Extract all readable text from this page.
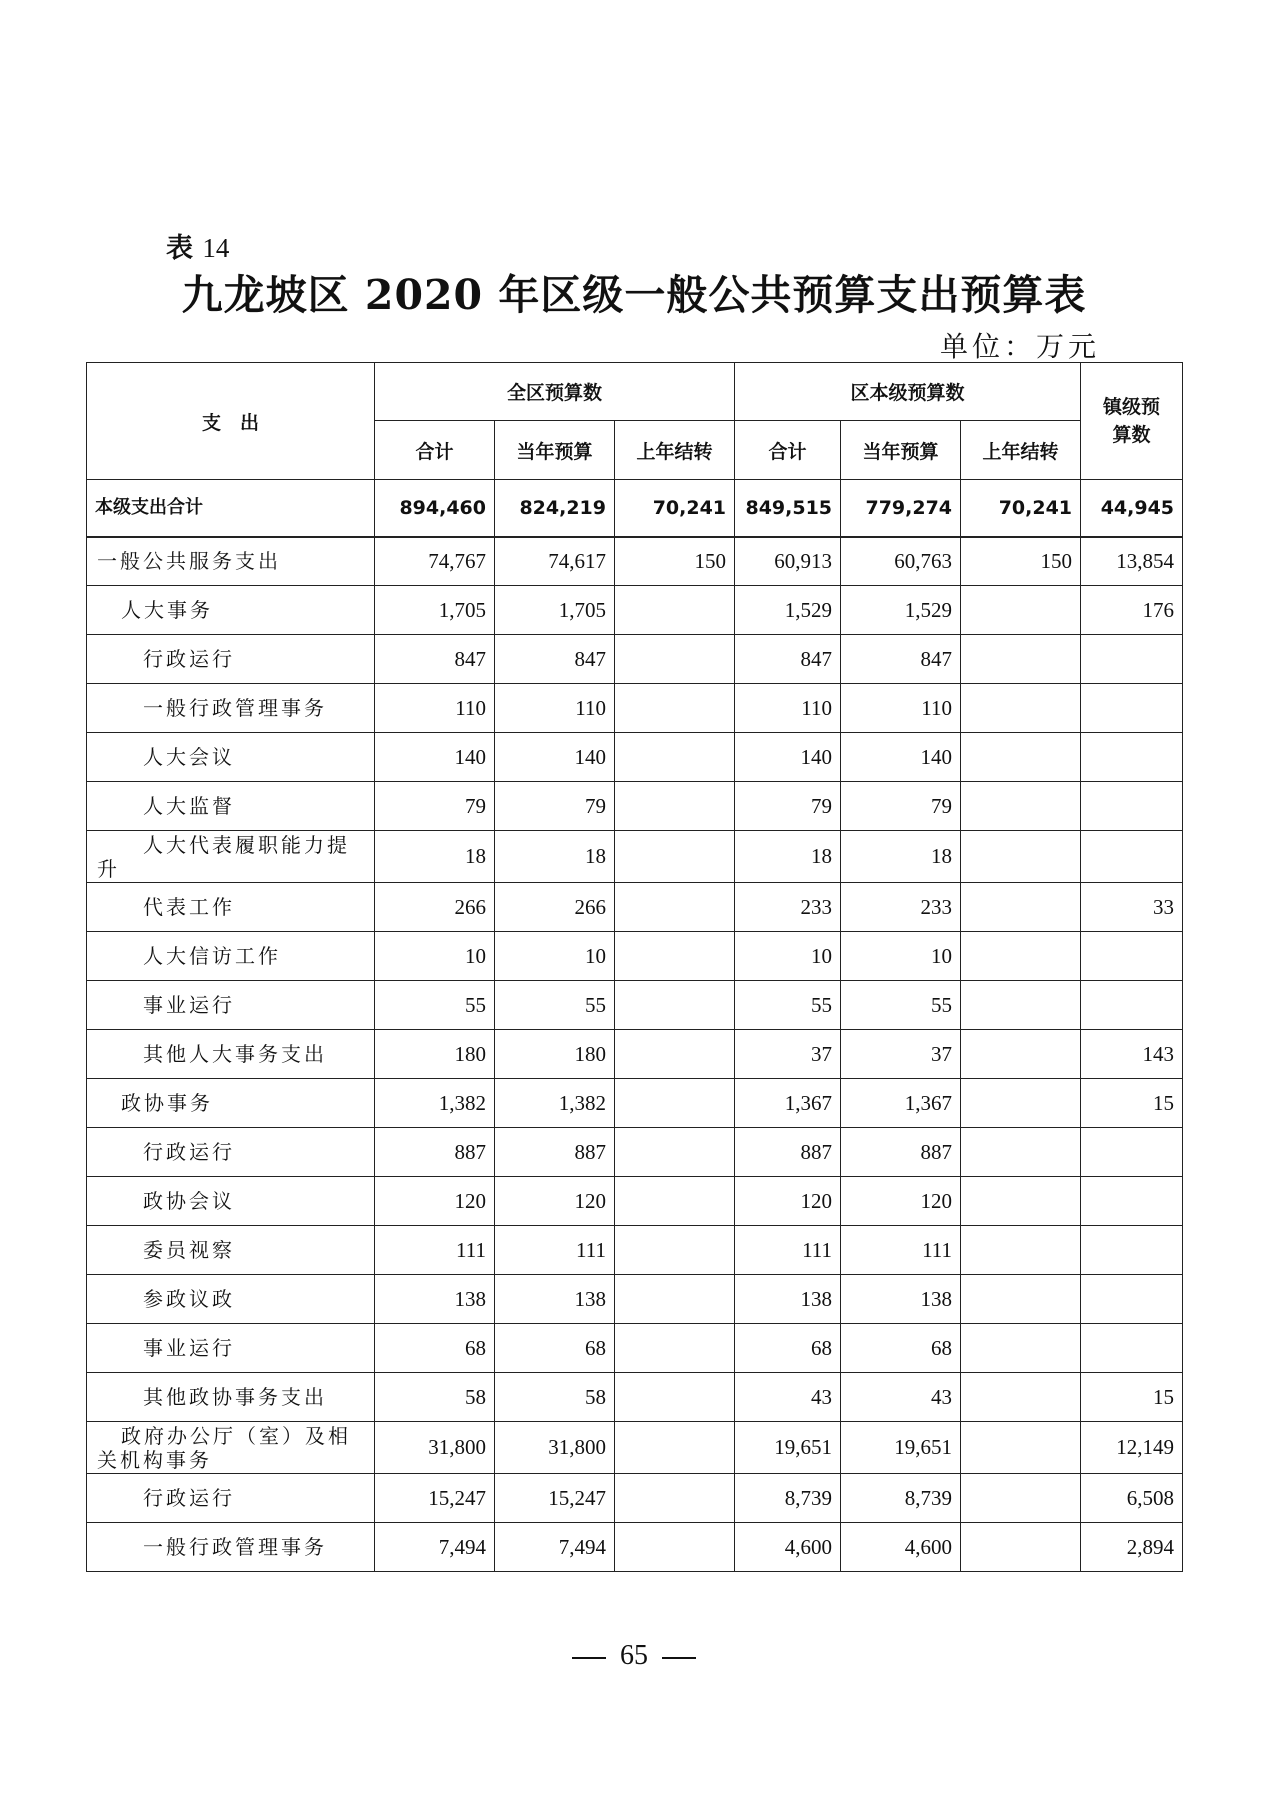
表 14
九龙坡区 2020 年区级一般公共预算支出预算表
单位：万元
支　出	全区预算数			区本级预算数			镇级预算数
	合计	当年预算	上年结转	合计	当年预算	上年结转	
本级支出合计	894,460	824,219	70,241	849,515	779,274	70,241	44,945
一般公共服务支出	74,767	74,617	150	60,913	60,763	150	13,854
人大事务	1,705	1,705		1,529	1,529		176
行政运行	847	847		847	847		
一般行政管理事务	110	110		110	110		
人大会议	140	140		140	140		
人大监督	79	79		79	79		
人大代表履职能力提升	18	18		18	18		
代表工作	266	266		233	233		33
人大信访工作	10	10		10	10		
事业运行	55	55		55	55		
其他人大事务支出	180	180		37	37		143
政协事务	1,382	1,382		1,367	1,367		15
行政运行	887	887		887	887		
政协会议	120	120		120	120		
委员视察	111	111		111	111		
参政议政	138	138		138	138		
事业运行	68	68		68	68		
其他政协事务支出	58	58		43	43		15
政府办公厅（室）及相关机构事务	31,800	31,800		19,651	19,651		12,149
行政运行	15,247	15,247		8,739	8,739		6,508
一般行政管理事务	7,494	7,494		4,600	4,600		2,894
65
